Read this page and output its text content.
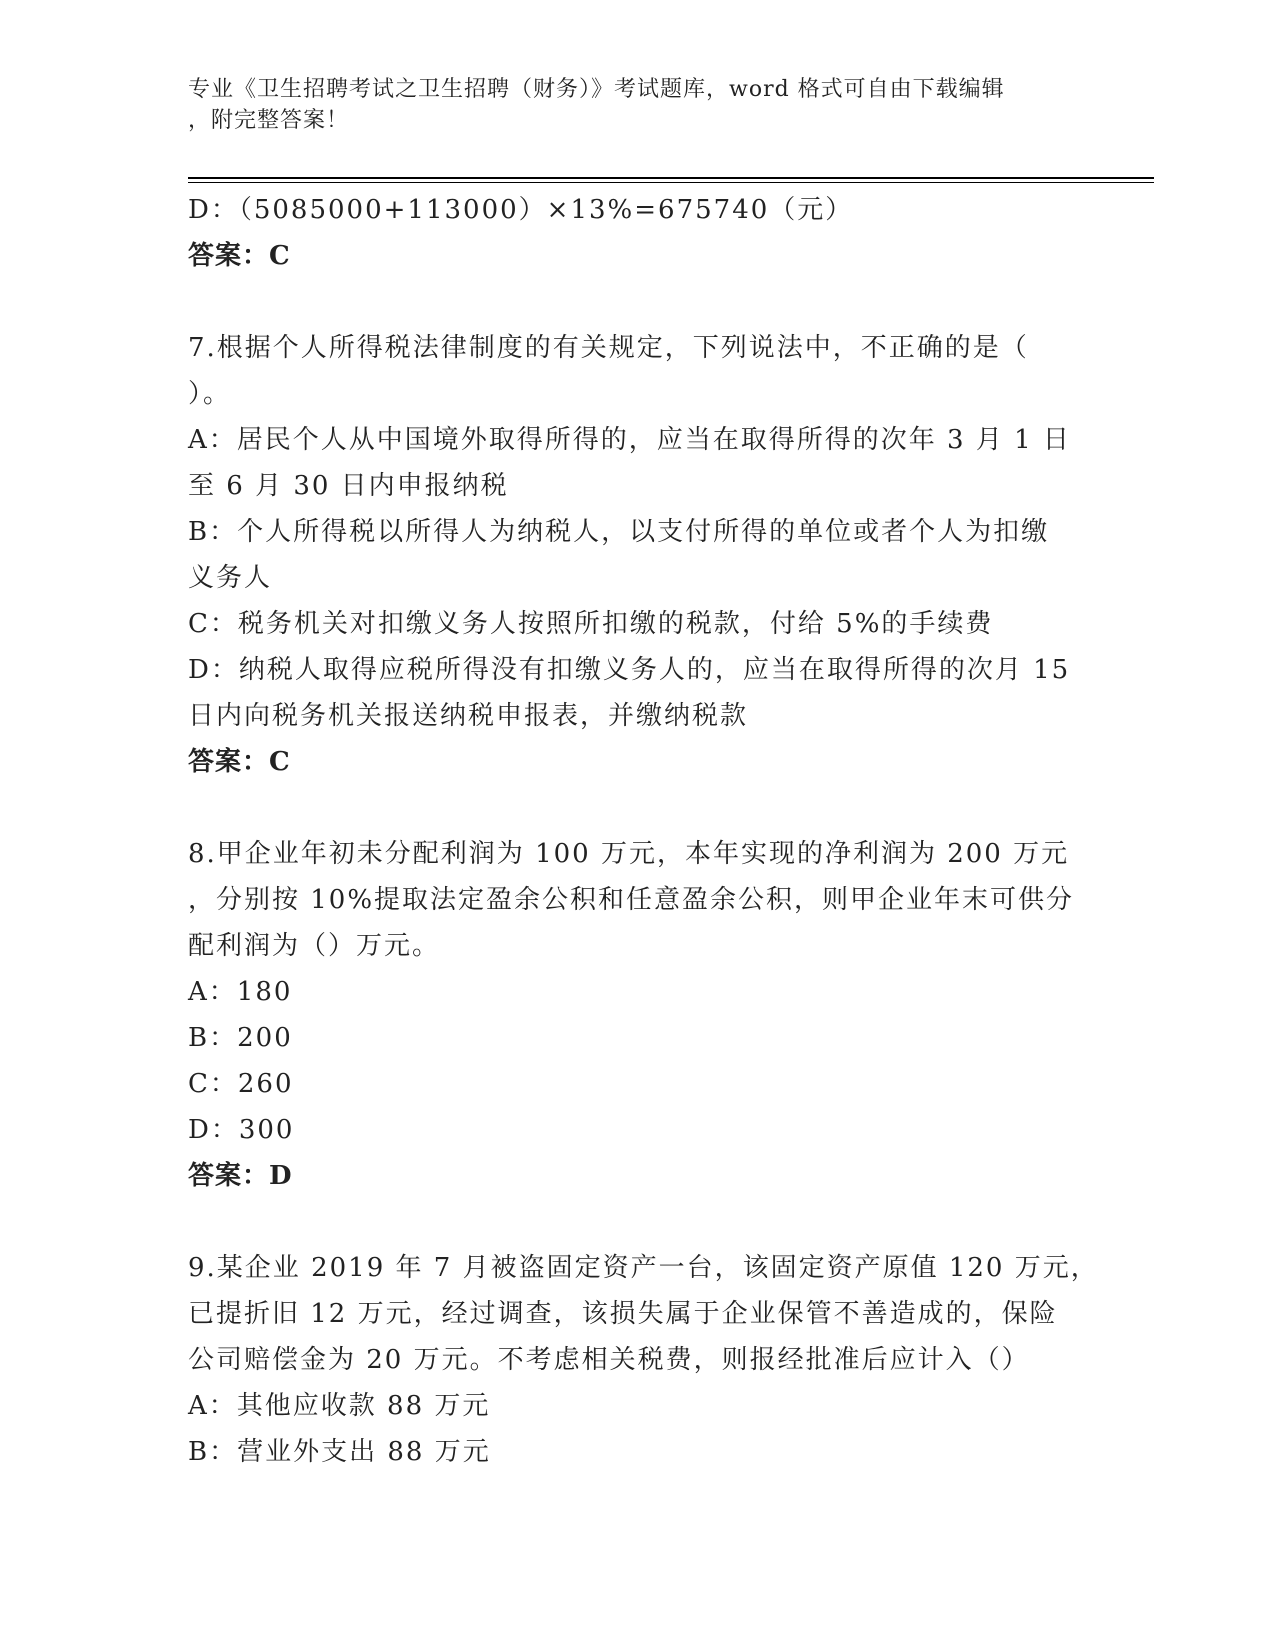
专业《卫生招聘考试之卫生招聘（财务）》考试题库，word 格式可自由下载编辑

，附完整答案！

D：（5085000+113000）×13%=675740（元）

答案：C

7.根据个人所得税法律制度的有关规定，下列说法中，不正确的是（

）。

A：居民个人从中国境外取得所得的，应当在取得所得的次年 3 月 1 日

至 6 月 30 日内申报纳税

B：个人所得税以所得人为纳税人，以支付所得的单位或者个人为扣缴

义务人

C：税务机关对扣缴义务人按照所扣缴的税款，付给 5%的手续费

D：纳税人取得应税所得没有扣缴义务人的，应当在取得所得的次月 15

日内向税务机关报送纳税申报表，并缴纳税款

答案：C

8.甲企业年初未分配利润为 100 万元，本年实现的净利润为 200 万元

，分别按 10%提取法定盈余公积和任意盈余公积，则甲企业年末可供分

配利润为（）万元。

A：180

B：200

C：260

D：300

答案：D

9.某企业 2019 年 7 月被盗固定资产一台，该固定资产原值 120 万元，

已提折旧 12 万元，经过调查，该损失属于企业保管不善造成的，保险

公司赔偿金为 20 万元。不考虑相关税费，则报经批准后应计入（）

A：其他应收款 88 万元

B：营业外支出 88 万元
